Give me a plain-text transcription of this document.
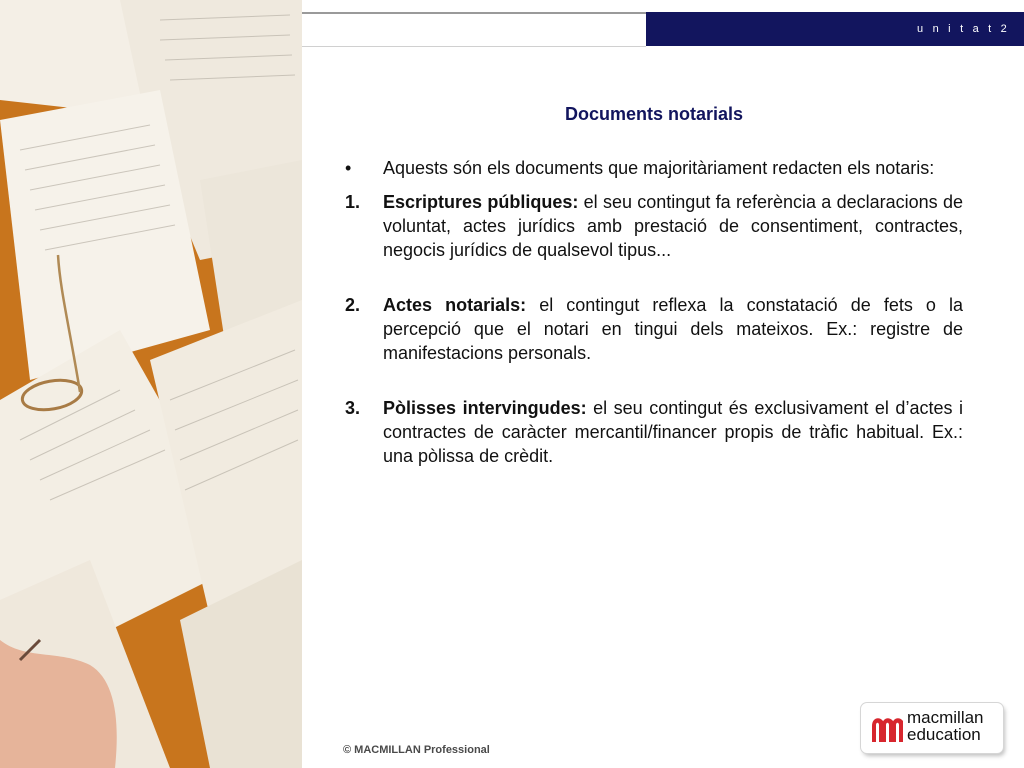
u n i t a t 2
Documents notarials
• Aquests són els documents que majoritàriament redacten els notaris:
1. Escriptures públiques: el seu contingut fa referència a declaracions de voluntat, actes jurídics amb prestació de consentiment, contractes, negocis jurídics de qualsevol tipus...
2. Actes notarials: el contingut reflexa la constatació de fets o la percepció que el notari en tingui dels mateixos. Ex.: registre de manifestacions personals.
3. Pòlisses intervingudes: el seu contingut és exclusivament el d’actes i contractes de caràcter mercantil/financer propis de tràfic habitual. Ex.: una pòlissa de crèdit.
© MACMILLAN Professional
macmillan
education
